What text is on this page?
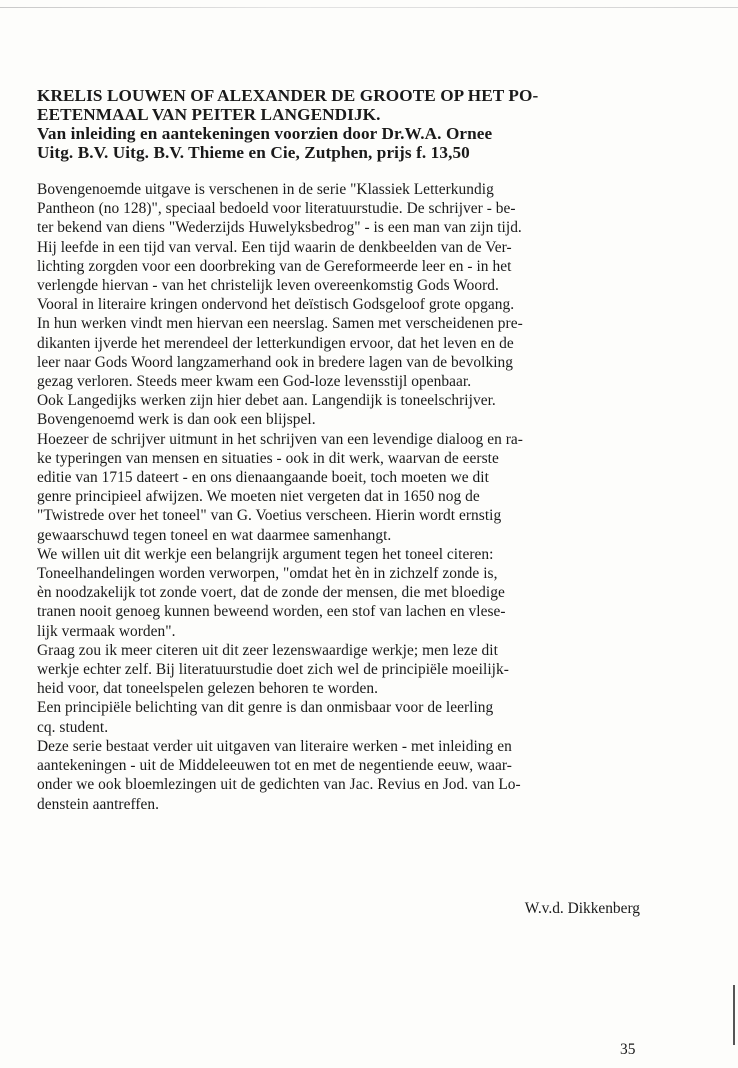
KRELIS LOUWEN OF ALEXANDER DE GROOTE OP HET PO-
EETENMAAL VAN PEITER LANGENDIJK.
Van inleiding en aantekeningen voorzien door Dr.W.A. Ornee
Uitg. B.V. Uitg. B.V. Thieme en Cie, Zutphen, prijs f. 13,50
Bovengenoemde uitgave is verschenen in de serie "Klassiek Letterkundig
Pantheon (no 128)", speciaal bedoeld voor literatuurstudie. De schrijver - be-
ter bekend van diens "Wederzijds Huwelyksbedrog" - is een man van zijn tijd.
Hij leefde in een tijd van verval. Een tijd waarin de denkbeelden van de Ver-
lichting zorgden voor een doorbreking van de Gereformeerde leer en - in het
verlengde hiervan - van het christelijk leven overeenkomstig Gods Woord.
Vooral in literaire kringen ondervond het deïstisch Godsgeloof grote opgang.
In hun werken vindt men hiervan een neerslag. Samen met verscheidenen pre-
dikanten ijverde het merendeel der letterkundigen ervoor, dat het leven en de
leer naar Gods Woord langzamerhand ook in bredere lagen van de bevolking
gezag verloren. Steeds meer kwam een God-loze levensstijl openbaar.
Ook Langedijks werken zijn hier debet aan. Langendijk is toneelschrijver.
Bovengenoemd werk is dan ook een blijspel.
Hoezeer de schrijver uitmunt in het schrijven van een levendige dialoog en ra-
ke typeringen van mensen en situaties - ook in dit werk, waarvan de eerste
editie van 1715 dateert - en ons dienaangaande boeit, toch moeten we dit
genre principieel afwijzen. We moeten niet vergeten dat in 1650 nog de
"Twistrede over het toneel" van G. Voetius verscheen. Hierin wordt ernstig
gewaarschuwd tegen toneel en wat daarmee samenhangt.
We willen uit dit werkje een belangrijk argument tegen het toneel citeren:
Toneelhandelingen worden verworpen, "omdat het èn in zichzelf zonde is,
èn noodzakelijk tot zonde voert, dat de zonde der mensen, die met bloedige
tranen nooit genoeg kunnen beweend worden, een stof van lachen en vlese-
lijk vermaak worden".
Graag zou ik meer citeren uit dit zeer lezenswaardige werkje; men leze dit
werkje echter zelf. Bij literatuurstudie doet zich wel de principiële moeilijk-
heid voor, dat toneelspelen gelezen behoren te worden.
Een principiële belichting van dit genre is dan onmisbaar voor de leerling
cq. student.
Deze serie bestaat verder uit uitgaven van literaire werken - met inleiding en
aantekeningen - uit de Middeleeuwen tot en met de negentiende eeuw, waar-
onder we ook bloemlezingen uit de gedichten van Jac. Revius en Jod. van Lo-
denstein aantreffen.
W.v.d. Dikkenberg
35
